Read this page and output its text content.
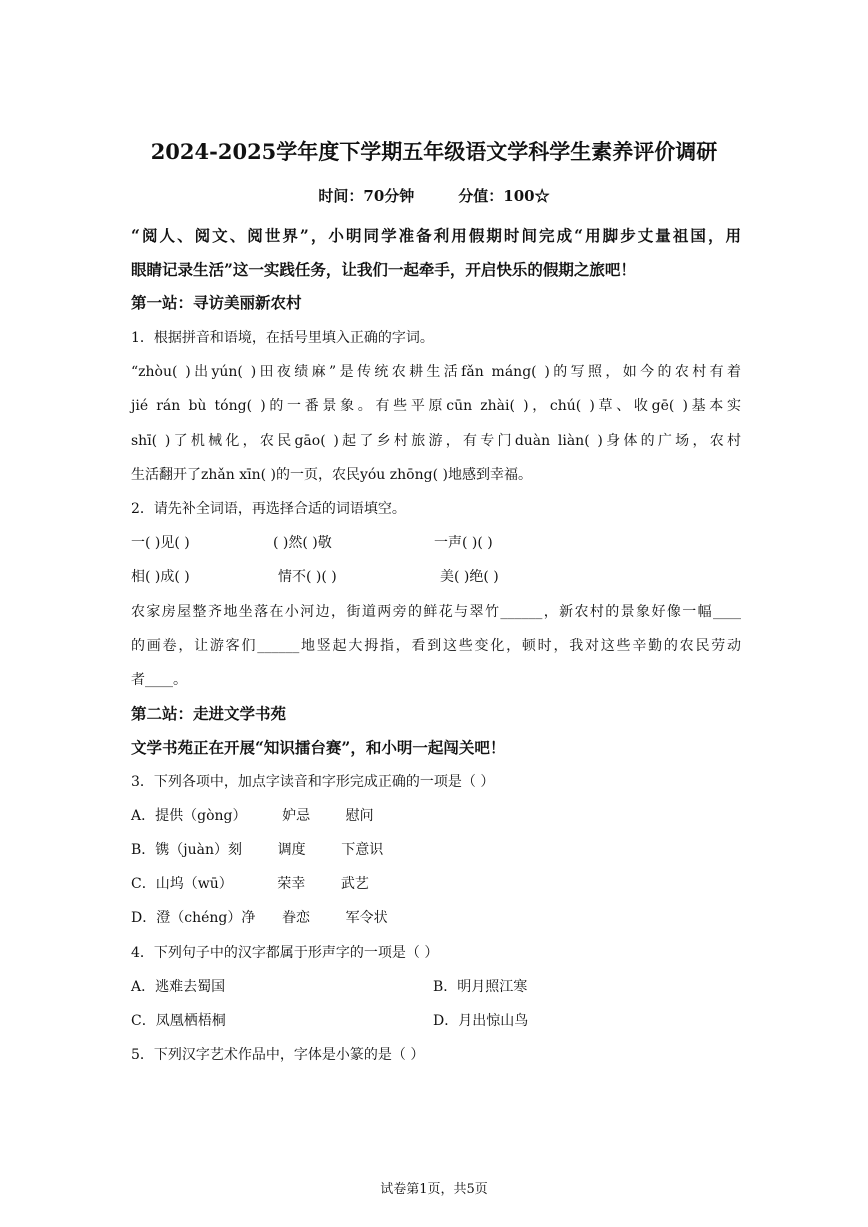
2024-2025学年度下学期五年级语文学科学生素养评价调研
时间：70分钟	分值：100☆
“阅人、阅文、阅世界”，小明同学准备利用假期时间完成“用脚步丈量祖国，用
眼睛记录生活”这一实践任务，让我们一起牵手，开启快乐的假期之旅吧！
第一站：寻访美丽新农村
1．根据拼音和语境，在括号里填入正确的字词。
“zhòu( )出yún( )田夜绩麻”是传统农耕生活fǎn máng( )的写照，如今的农村有着
jié rán bù tóng( )的一番景象。有些平原cūn zhài( )，chú( )草、收gē( )基本实
shī( )了机械化，农民gāo( )起了乡村旅游，有专门duàn liàn( )身体的广场，农村
生活翻开了zhǎn xīn( )的一页，农民yóu zhōng( )地感到幸福。
2．请先补全词语，再选择合适的词语填空。
一( )见( )	( )然( )敬	一声( )( )
相( )成( )	情不( )( )	美( )绝( )
农家房屋整齐地坐落在小河边，街道两旁的鲜花与翠竹______，新农村的景象好像一幅____
的画卷，让游客们______地竖起大拇指，看到这些变化，顿时，我对这些辛勤的农民劳动
者____。
第二站：走进文学书苑
文学书苑正在开展“知识擂台赛”，和小明一起闯关吧！
3．下列各项中，加点字读音和字形完成正确的一项是（ ）
A．提供（gòng）        妒忌        慰问
B．镌（juàn）刻        调度        下意识
C．山坞（wū）          荣幸        武艺
D．澄（chéng）净      眷恋        军令状
4．下列句子中的汉字都属于形声字的一项是（ ）
A．逃难去蜀国	B．明月照江寒
C．凤凰栖梧桐	D．月出惊山鸟
5．下列汉字艺术作品中，字体是小篆的是（ ）
试卷第1页，共5页
